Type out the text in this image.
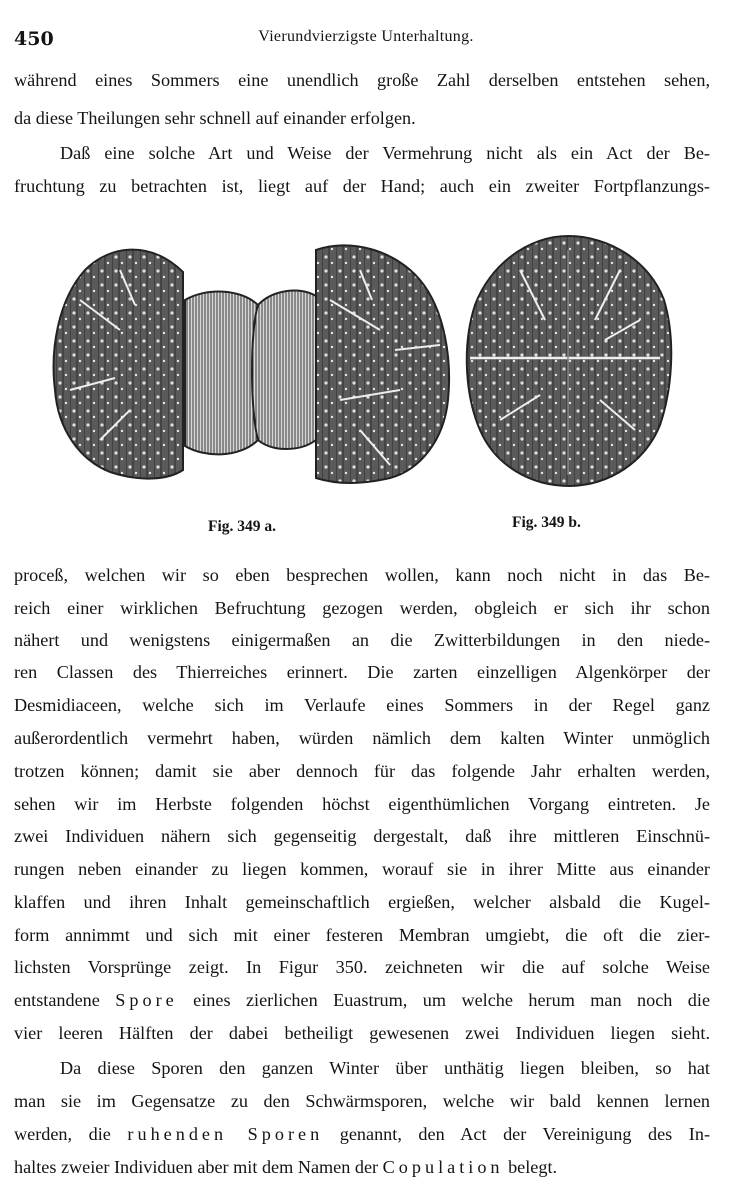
450	Vierundvierzigste Unterhaltung.
während eines Sommers eine unendlich große Zahl derselben entstehen sehen,
da diese Theilungen sehr schnell auf einander erfolgen.
Daß eine solche Art und Weise der Vermehrung nicht als ein Act der Be-
fruchtung zu betrachten ist, liegt auf der Hand; auch ein zweiter Fortpflanzungs-
Fig. 349 a.	Fig. 349 b.
proceß, welchen wir so eben besprechen wollen, kann noch nicht in das Be-
reich einer wirklichen Befruchtung gezogen werden, obgleich er sich ihr schon
nähert und wenigstens einigermaßen an die Zwitterbildungen in den niede-
ren Classen des Thierreiches erinnert. Die zarten einzelligen Algenkörper der
Desmidiaceen, welche sich im Verlaufe eines Sommers in der Regel ganz
außerordentlich vermehrt haben, würden nämlich dem kalten Winter unmöglich
trotzen können; damit sie aber dennoch für das folgende Jahr erhalten werden,
sehen wir im Herbste folgenden höchst eigenthümlichen Vorgang eintreten. Je
zwei Individuen nähern sich gegenseitig dergestalt, daß ihre mittleren Einschnü-
rungen neben einander zu liegen kommen, worauf sie in ihrer Mitte aus einander
klaffen und ihren Inhalt gemeinschaftlich ergießen, welcher alsbald die Kugel-
form annimmt und sich mit einer festeren Membran umgiebt, die oft die zier-
lichsten Vorsprünge zeigt. In Figur 350. zeichneten wir die auf solche Weise
entstandene Spore eines zierlichen Euastrum, um welche herum man noch die
vier leeren Hälften der dabei betheiligt gewesenen zwei Individuen liegen sieht.
Da diese Sporen den ganzen Winter über unthätig liegen bleiben, so hat
man sie im Gegensatze zu den Schwärmsporen, welche wir bald kennen lernen
werden, die ruhenden Sporen genannt, den Act der Vereinigung des In-
haltes zweier Individuen aber mit dem Namen der Copulation belegt.
